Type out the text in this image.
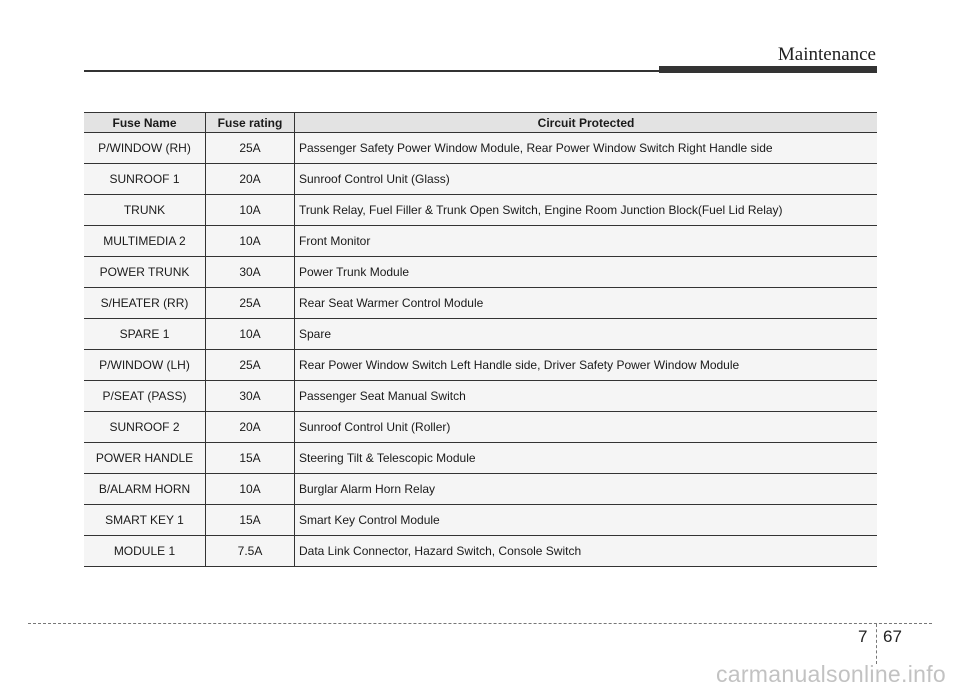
Maintenance
Fuse Name	Fuse rating	Circuit Protected
P/WINDOW (RH)	25A	Passenger Safety Power Window Module, Rear Power Window Switch Right Handle side
SUNROOF 1	20A	Sunroof Control Unit (Glass)
TRUNK	10A	Trunk Relay, Fuel Filler & Trunk Open Switch, Engine Room Junction Block(Fuel Lid Relay)
MULTIMEDIA 2	10A	Front Monitor
POWER TRUNK	30A	Power Trunk Module
S/HEATER (RR)	25A	Rear Seat Warmer Control Module
SPARE 1	10A	Spare
P/WINDOW (LH)	25A	Rear Power Window Switch Left Handle side, Driver Safety Power Window Module
P/SEAT (PASS)	30A	Passenger Seat Manual Switch
SUNROOF 2	20A	Sunroof Control Unit (Roller)
POWER HANDLE	15A	Steering Tilt & Telescopic Module
B/ALARM HORN	10A	Burglar Alarm Horn Relay
SMART KEY 1	15A	Smart Key Control Module
MODULE 1	7.5A	Data Link Connector, Hazard Switch, Console Switch
7 67
carmanualsonline.info
